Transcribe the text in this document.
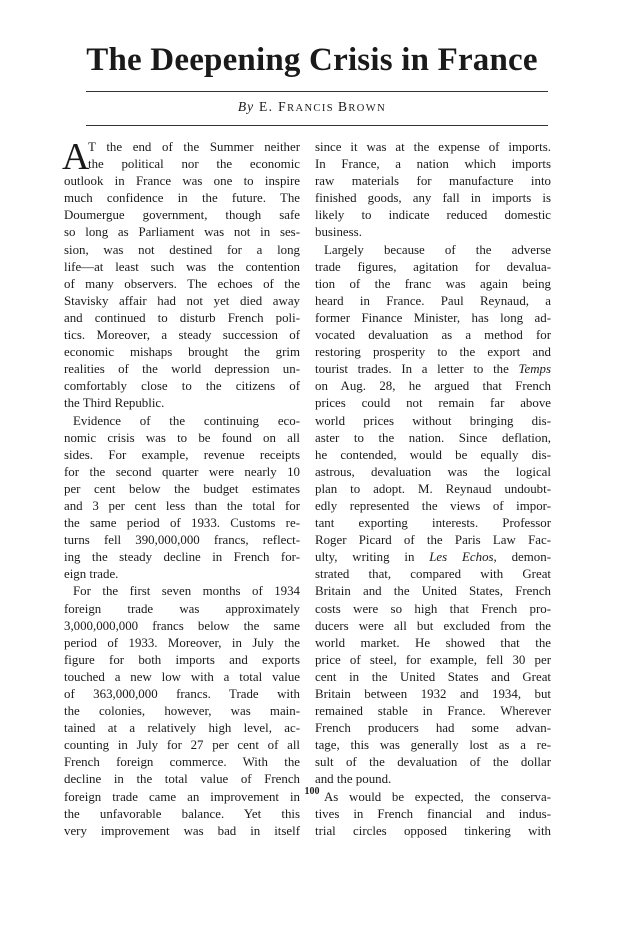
The Deepening Crisis in France
By E. FRANCIS BROWN
A
T the end of the Summer neither
the political nor the economic
outlook in France was one to inspire
much confidence in the future. The
Doumergue government, though safe
so long as Parliament was not in ses-
sion, was not destined for a long
life—at least such was the contention
of many observers. The echoes of the
Stavisky affair had not yet died away
and continued to disturb French poli-
tics. Moreover, a steady succession of
economic mishaps brought the grim
realities of the world depression un-
comfortably close to the citizens of
the Third Republic.
Evidence of the continuing eco-
nomic crisis was to be found on all
sides. For example, revenue receipts
for the second quarter were nearly 10
per cent below the budget estimates
and 3 per cent less than the total for
the same period of 1933. Customs re-
turns fell 390,000,000 francs, reflect-
ing the steady decline in French for-
eign trade.
For the first seven months of 1934
foreign trade was approximately
3,000,000,000 francs below the same
period of 1933. Moreover, in July the
figure for both imports and exports
touched a new low with a total value
of 363,000,000 francs. Trade with
the colonies, however, was main-
tained at a relatively high level, ac-
counting in July for 27 per cent of all
French foreign commerce. With the
decline in the total value of French
foreign trade came an improvement in
the unfavorable balance. Yet this
very improvement was bad in itself
since it was at the expense of imports.
In France, a nation which imports
raw materials for manufacture into
finished goods, any fall in imports is
likely to indicate reduced domestic
business.
Largely because of the adverse
trade figures, agitation for devalua-
tion of the franc was again being
heard in France. Paul Reynaud, a
former Finance Minister, has long ad-
vocated devaluation as a method for
restoring prosperity to the export and
tourist trades. In a letter to the Temps
on Aug. 28, he argued that French
prices could not remain far above
world prices without bringing dis-
aster to the nation. Since deflation,
he contended, would be equally dis-
astrous, devaluation was the logical
plan to adopt. M. Reynaud undoubt-
edly represented the views of impor-
tant exporting interests. Professor
Roger Picard of the Paris Law Fac-
ulty, writing in Les Echos, demon-
strated that, compared with Great
Britain and the United States, French
costs were so high that French pro-
ducers were all but excluded from the
world market. He showed that the
price of steel, for example, fell 30 per
cent in the United States and Great
Britain between 1932 and 1934, but
remained stable in France. Wherever
French producers had some advan-
tage, this was generally lost as a re-
sult of the devaluation of the dollar
and the pound.
As would be expected, the conserva-
tives in French financial and indus-
trial circles opposed tinkering with
100
